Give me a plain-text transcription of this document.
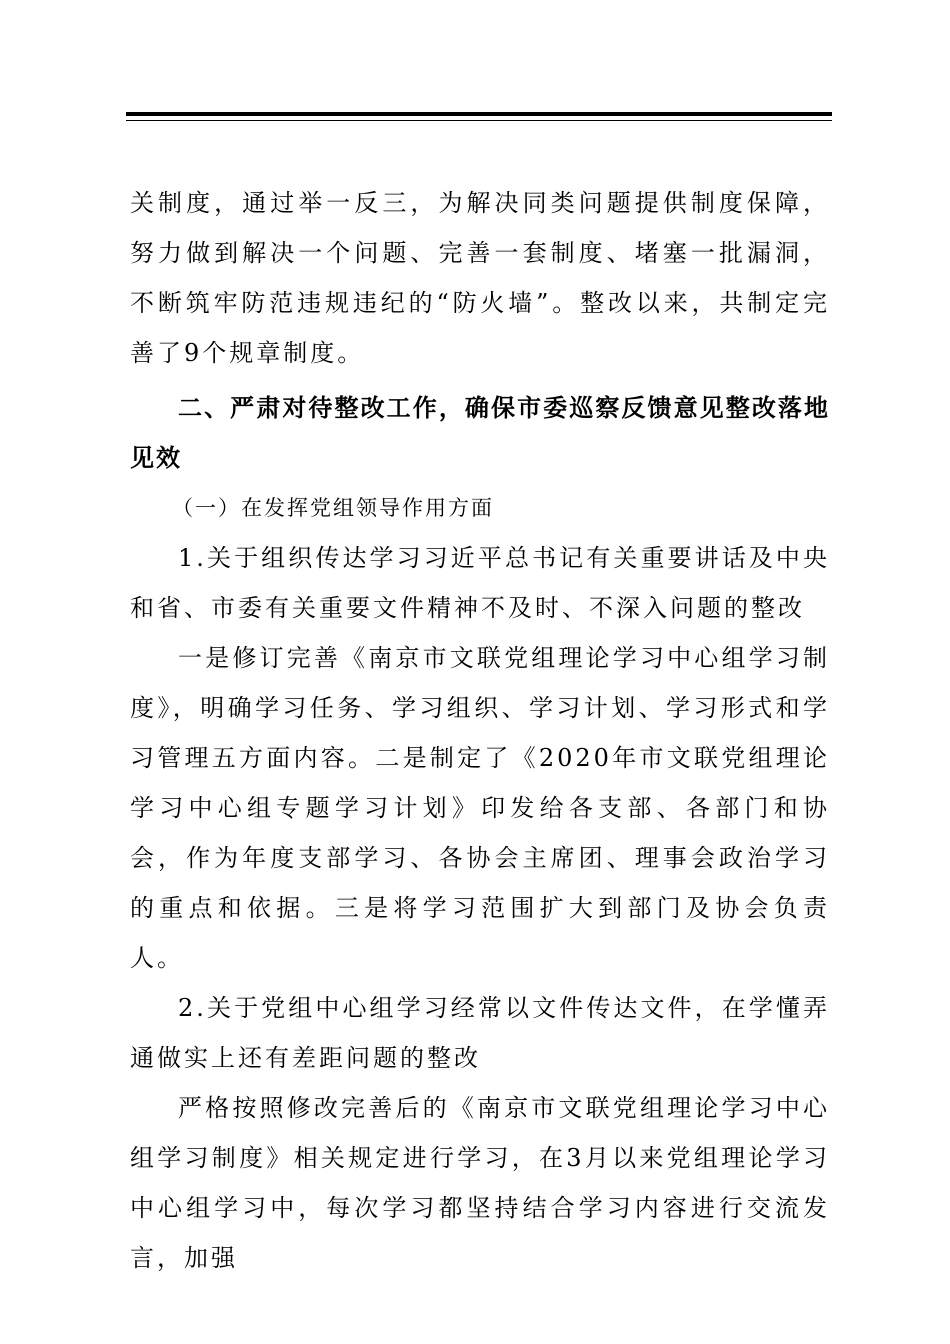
关制度，通过举一反三，为解决同类问题提供制度保障，努力做到解决一个问题、完善一套制度、堵塞一批漏洞，不断筑牢防范违规违纪的“防火墙”。整改以来，共制定完善了9个规章制度。

二、严肃对待整改工作，确保市委巡察反馈意见整改落地见效

（一）在发挥党组领导作用方面

1.关于组织传达学习习近平总书记有关重要讲话及中央和省、市委有关重要文件精神不及时、不深入问题的整改

一是修订完善《南京市文联党组理论学习中心组学习制度》，明确学习任务、学习组织、学习计划、学习形式和学习管理五方面内容。二是制定了《2020年市文联党组理论学习中心组专题学习计划》印发给各支部、各部门和协会，作为年度支部学习、各协会主席团、理事会政治学习的重点和依据。三是将学习范围扩大到部门及协会负责人。

2.关于党组中心组学习经常以文件传达文件，在学懂弄通做实上还有差距问题的整改

严格按照修改完善后的《南京市文联党组理论学习中心组学习制度》相关规定进行学习，在3月以来党组理论学习中心组学习中，每次学习都坚持结合学习内容进行交流发言，加强
